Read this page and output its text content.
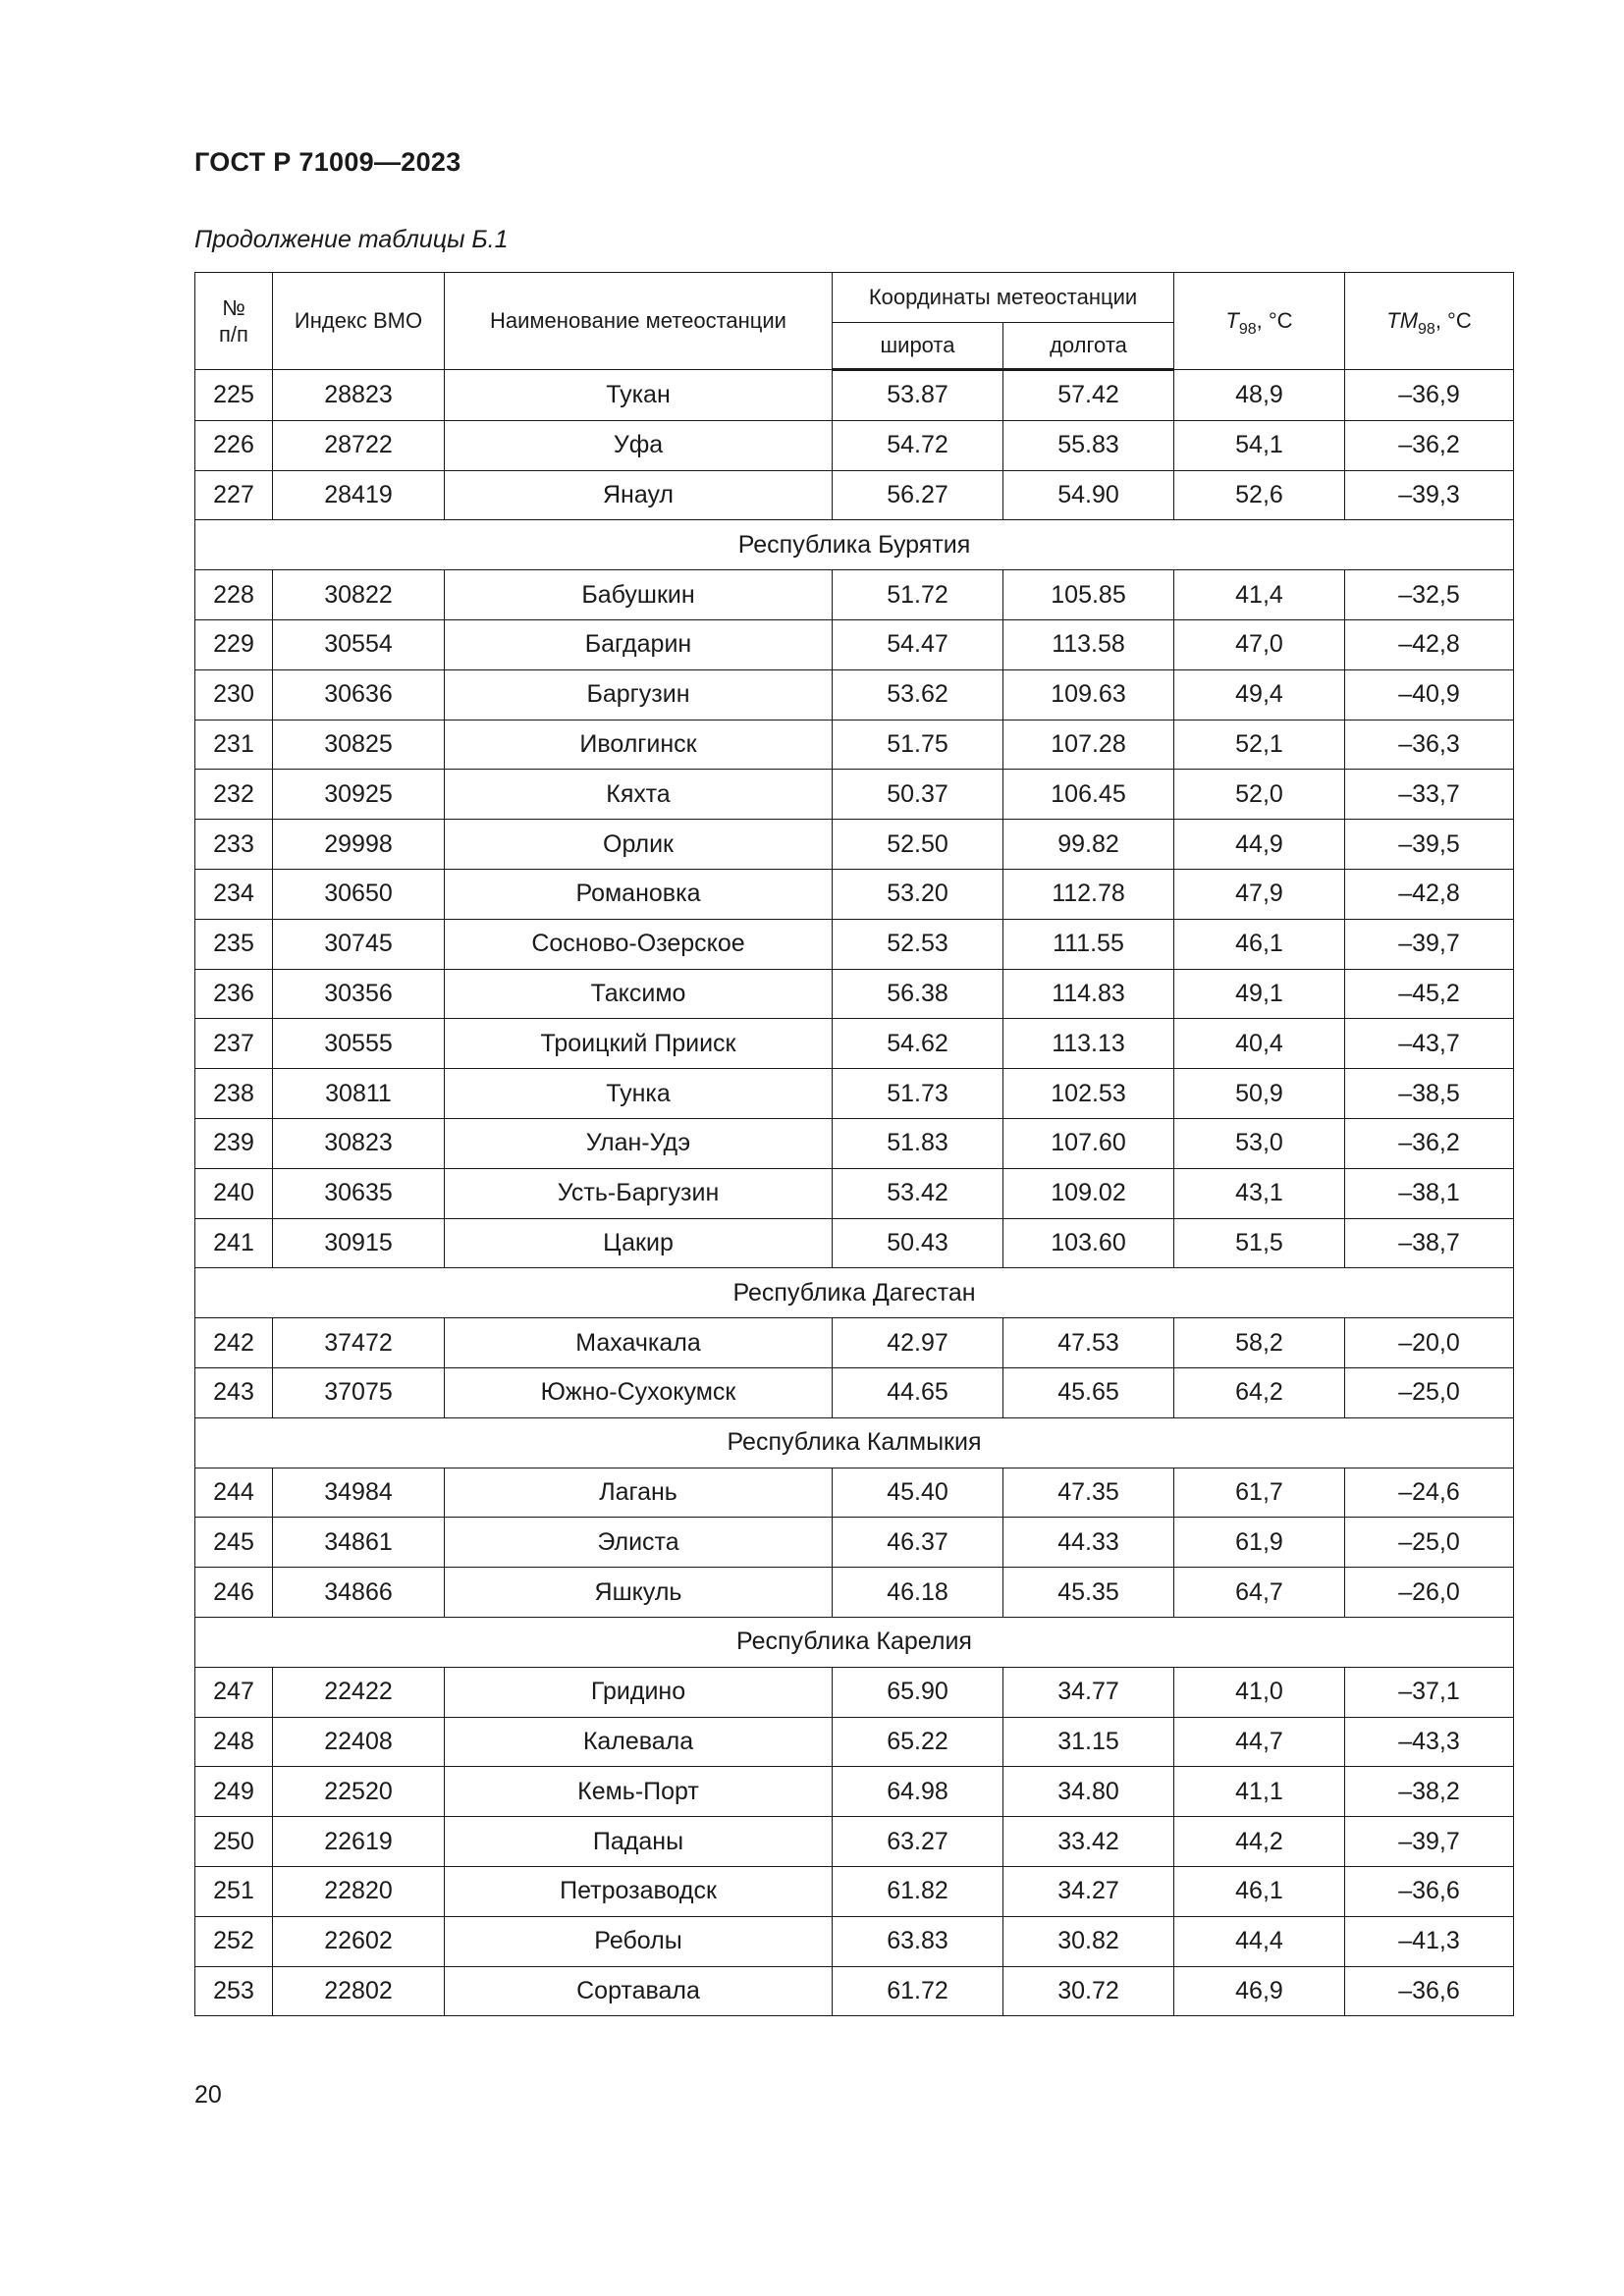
ГОСТ Р 71009—2023
Продолжение таблицы Б.1
№ п/п	Индекс ВМО	Наименование метеостанции	Координаты метеостанции		$T_{98}$, °С	$TM_{98}$, °С
			широта	долгота		
225	28823	Тукан	53.87	57.42	48,9	–36,9
226	28722	Уфа	54.72	55.83	54,1	–36,2
227	28419	Янаул	56.27	54.90	52,6	–39,3
Республика Бурятия						
228	30822	Бабушкин	51.72	105.85	41,4	–32,5
229	30554	Багдарин	54.47	113.58	47,0	–42,8
230	30636	Баргузин	53.62	109.63	49,4	–40,9
231	30825	Иволгинск	51.75	107.28	52,1	–36,3
232	30925	Кяхта	50.37	106.45	52,0	–33,7
233	29998	Орлик	52.50	99.82	44,9	–39,5
234	30650	Романовка	53.20	112.78	47,9	–42,8
235	30745	Сосново-Озерское	52.53	111.55	46,1	–39,7
236	30356	Таксимо	56.38	114.83	49,1	–45,2
237	30555	Троицкий Прииск	54.62	113.13	40,4	–43,7
238	30811	Тунка	51.73	102.53	50,9	–38,5
239	30823	Улан-Удэ	51.83	107.60	53,0	–36,2
240	30635	Усть-Баргузин	53.42	109.02	43,1	–38,1
241	30915	Цакир	50.43	103.60	51,5	–38,7
Республика Дагестан						
242	37472	Махачкала	42.97	47.53	58,2	–20,0
243	37075	Южно-Сухокумск	44.65	45.65	64,2	–25,0
Республика Калмыкия						
244	34984	Лагань	45.40	47.35	61,7	–24,6
245	34861	Элиста	46.37	44.33	61,9	–25,0
246	34866	Яшкуль	46.18	45.35	64,7	–26,0
Республика Карелия						
247	22422	Гридино	65.90	34.77	41,0	–37,1
248	22408	Калевала	65.22	31.15	44,7	–43,3
249	22520	Кемь-Порт	64.98	34.80	41,1	–38,2
250	22619	Паданы	63.27	33.42	44,2	–39,7
251	22820	Петрозаводск	61.82	34.27	46,1	–36,6
252	22602	Реболы	63.83	30.82	44,4	–41,3
253	22802	Сортавала	61.72	30.72	46,9	–36,6
20
